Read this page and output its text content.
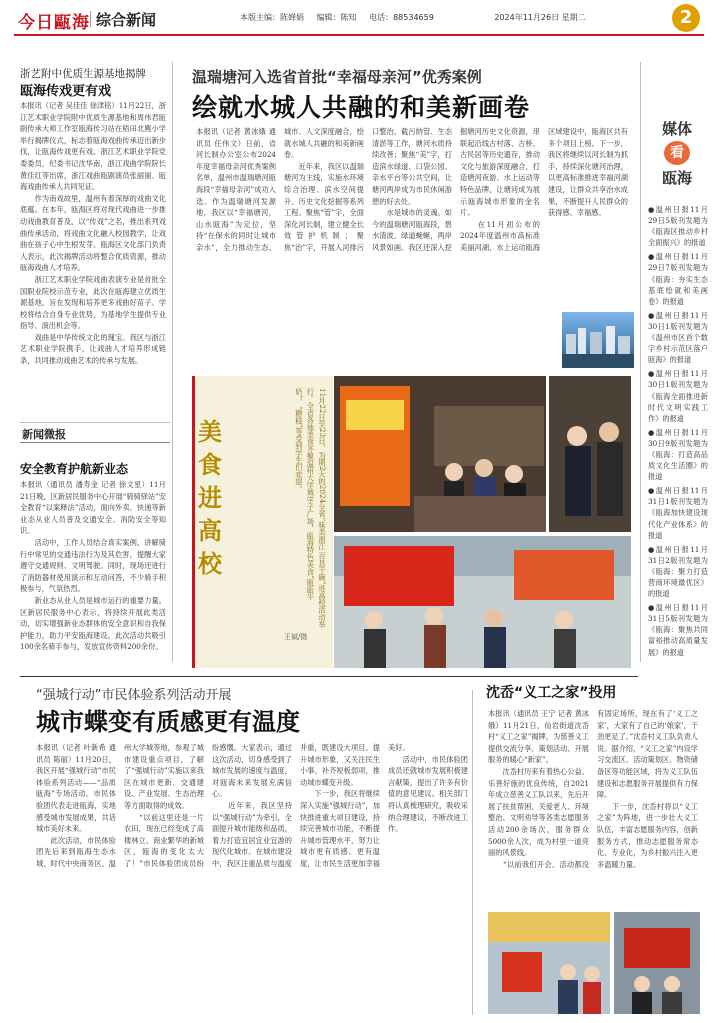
今日甌海 综合新闻	本版主编：陈婵娟 编辑：陈知 电话：88534659	2024年11月26日 星期二	2
浙艺附中优质生源基地揭牌
瓯海传戏更有戏
本报讯（记者 吴佳佳 徐津铭）11月22日，浙江艺术职业学院附中优质生源基地和周伟君瓯剧传承大师工作室瓯海传习站在梧田北麂小学举行揭牌仪式，标志着瓯海戏曲传承迈出新步伐，让瓯海传戏更有戏。浙江艺术职业学院党委委员、纪委书记沈华南，浙江戏曲学院院长黄佳红等出席，浙江戏曲瓯剧演员张丽丽、瓯海戏曲传承人共同见证。
　　作为南戏故里，温州有着深厚的戏曲文化底蕴。在本年，瓯海区将对现代戏曲进一步推动戏曲教育普及，以“传戏”之名，推出系列戏曲传承活动，将戏曲文化融入校园教学，让戏曲在孩子心中生根发芽。瓯海区文化部门负责人表示，此次揭牌活动将整合优质资源，推动瓯海戏曲人才培养。
　　浙江艺术职业学院戏曲表演专业是首批全国职业院校示范专业，此次在瓯海建立优质生源基地，旨在发现和培养更多戏曲好苗子。学校将结合自身专业优势，为基地学生提供专业指导、演出机会等。
　　戏曲是中华传统文化的瑰宝。我区与浙江艺术职业学院携手，让戏曲人才培养形成链条，共同推动戏曲艺术的传承与发展。
新闻微报
安全教育护航新业态
本报讯（通讯员 潘寿金 记者 徐文星）11月21日晚，区新居民服务中心开展“骑骑驿站”安全教育“以案释法”活动，面向外卖、快递等新业态从业人员普及交通安全、消防安全等知识。
　　活动中，工作人员结合真实案例，讲解骑行中常见的交通违法行为及其危害，提醒大家遵守交通规则、文明驾驶。同时，现场还进行了消防器材使用演示和互动问答，不少骑手积极参与，气氛热烈。
　　新业态从业人员是城市运行的重要力量。区新居民服务中心表示，将持续开展此类活动，切实增强新业态群体的安全意识和自我保护能力，助力平安瓯海建设。此次活动共吸引100余名骑手参与，发放宣传资料200余份。
温瑞塘河入选省首批“幸福母亲河”优秀案例
绘就水城人共融的和美新画卷
本报讯（记者 黄冰娥 通讯员 任伟文）日前，省河长制办公室公布2024年度幸福母亲河优秀案例名单，温州市温瑞塘河瓯海段“幸福母亲河”成功入选。作为温瑞塘河发源地，我区以“幸福塘河，山水瓯海”为定位，坚持“在保水的同时让城市亲水”，全力推动生态、城市、人文深度融合，绘就水城人共融的和美新画卷。
　　近年来，我区以温瑞塘河为主线，实施水环境综合治理、滨水空间提升、历史文化挖掘等系列工程。聚焦“管”字，全面深化河长制，建立健全长效管护机制；聚焦“治”字，开展入河排污口整治、截污纳管、生态清淤等工作，塘河水质持续改善；聚焦“美”字，打造滨水绿道、口袋公园、亲水平台等公共空间，让塘河两岸成为市民休闲游憩的好去处。
　　水是城市的灵魂。如今的温瑞塘河瓯海段，碧水清波、绿道蜿蜒，两岸风景如画。我区还深入挖掘塘河历史文化资源，串联起沿线古村落、古桥、古民居等历史遗存，推动文化与旅游深度融合，打造塘河夜游、水上运动等特色品牌，让塘河成为展示瓯海城市形象的金名片。
　　在11月初公布的2024年度温州市高标准美丽河湖、水上运动瓯海区域建设中，瓯海区共有多个项目上榜。下一步，我区将继续以河长制为抓手，持续深化塘河治理，以更高标准推进幸福河湖建设，让群众共享治水成果，不断提升人民群众的获得感、幸福感。
美食进高校	11月22日至23日，为期2天的2024全省“味美浙江 百县千碗”进高校活动举行。全省各地美食齐聚温州大学城学子广场，瓯海特色美食“瓯瓯牛奶”、“糖糕”等受到学生们欢迎。
王斌/摄
媒体
看
瓯海
●温州日报11月29日5版刊发题为《瓯海区推动乡村全面振兴》的报道
●温州日报11月29日7版刊发题为《瓯海：夯实生态基底绘就和美画卷》的报道
●温州日报11月30日1版刊发题为《温州市区首个数字乡村示范区落户瓯海》的报道
●温州日报11月30日1版刊发题为《瓯海全面推进新时代文明实践工作》的报道
●温州日报11月30日9版刊发题为《瓯海：打造高品质文化生活圈》的报道
●温州日报11月31日1版刊发题为《瓯海加快建设现代化产业体系》的报道
●温州日报11月31日2版刊发题为《瓯海：聚力打造营商环境最优区》的报道
●温州日报11月31日5版刊发题为《瓯海：聚焦共同富裕推动高质量发展》的报道
“强城行动”市民体验系列活动开展
城市蝶变有质感更有温度
本报讯（记者 叶新希 通讯员 陈丽）11月20日，我区开展“强城行动”市民体验系列活动——“品质瓯海”专场活动。市民体验团代表走进瓯海，实地感受城市发展成果，共话城市美好未来。
　　此次活动，市民体验团先后来到瓯海生态水城、时代中央商务区、温州大学城等地，参观了城市建设重点项目，了解了“强城行动”实施以来我区在城市更新、交通建设、产业发展、生态治理等方面取得的成效。
　　“以前这里还是一片农田，现在已经变成了高楼林立、商业繁华的新城区，瓯海的变化太大了！”市民体验团成员纷纷感慨。大家表示，通过这次活动，切身感受到了城市发展的速度与温度，对瓯海未来发展充满信心。
　　近年来，我区坚持以“强城行动”为牵引，全面提升城市能级和品质，着力打造宜居宜业宜游的现代化城市。在城市建设中，我区注重品质与温度并重，既建设大项目、提升城市形象，又关注民生小事、补齐短板弱项，推动城市蝶变升级。
　　下一步，我区将继续深入实施“强城行动”，加快推进重大项目建设，持续完善城市功能，不断提升城市管理水平，努力让城市更有质感、更有温度，让市民生活更加幸福美好。
　　活动中，市民体验团成员还就城市发展积极建言献策，提出了许多有价值的意见建议。相关部门将认真梳理研究，吸收采纳合理建议，不断改进工作。
沈岙“义工之家”投用
本报讯（通讯员 王宁 记者 黄冰娥）11月21日，仙岩街道沈岙村“义工之家”揭牌，为慈善义工提供交流分享、策划活动、开展服务的暖心“新家”。
　　沈岙村历来有着热心公益、乐善好施的优良传统，自2021年成立慈善义工队以来，先后开展了扶贫帮困、关爱老人、环境整治、文明劝导等各类志愿服务活动200余场次，服务群众5000余人次，成为村里一道亮丽的风景线。
　　“以前我们开会、活动都没有固定场所，现在有了‘义工之家’，大家有了自己的‘娘家’，干劲更足了。”沈岙村义工队负责人说。据介绍，“义工之家”内设学习交流区、活动策划区、物资储备区等功能区域，将为义工队伍建设和志愿服务开展提供有力保障。
　　下一步，沈岙村将以“义工之家”为阵地，进一步壮大义工队伍，丰富志愿服务内容，创新服务方式，推动志愿服务常态化、专业化，为乡村振兴注入更多温暖力量。
